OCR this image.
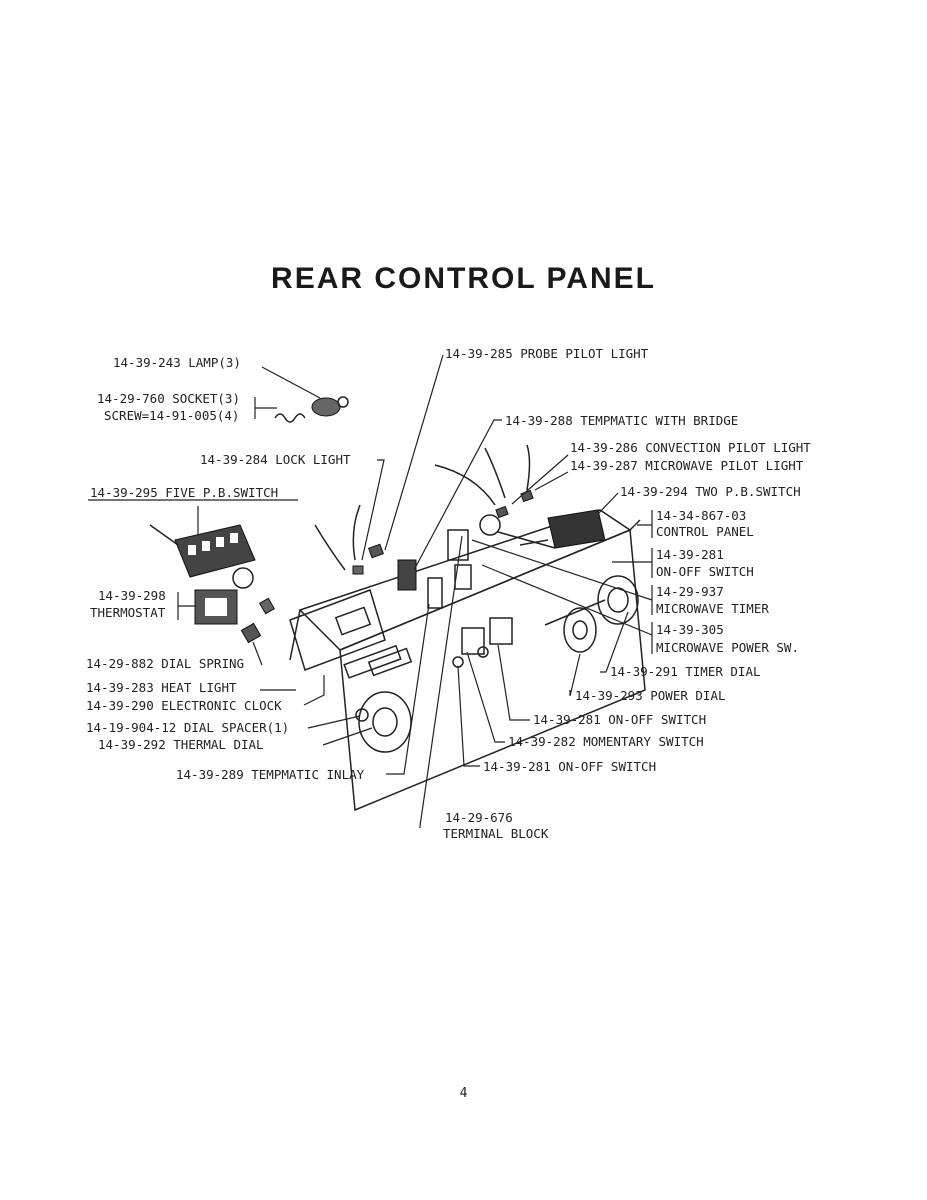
REAR CONTROL PANEL
14-39-243 LAMP(3)
14-29-760 SOCKET(3)
SCREW=14-91-005(4)
14-39-284 LOCK LIGHT
14-39-295 FIVE P.B.SWITCH
14-39-298
THERMOSTAT
14-29-882 DIAL SPRING
14-39-283 HEAT LIGHT
14-39-290 ELECTRONIC CLOCK
14-19-904-12 DIAL SPACER(1)
14-39-292 THERMAL DIAL
14-39-289 TEMPMATIC INLAY
14-29-676
TERMINAL BLOCK
14-39-285 PROBE PILOT LIGHT
14-39-288 TEMPMATIC WITH BRIDGE
14-39-286 CONVECTION PILOT LIGHT
14-39-287 MICROWAVE PILOT LIGHT
14-39-294 TWO P.B.SWITCH
14-34-867-03
CONTROL PANEL
14-39-281
ON-OFF SWITCH
14-29-937
MICROWAVE TIMER
14-39-305
MICROWAVE POWER SW.
14-39-291 TIMER DIAL
14-39-293 POWER DIAL
14-39-281 ON-OFF SWITCH
14-39-282 MOMENTARY SWITCH
14-39-281 ON-OFF SWITCH
4
